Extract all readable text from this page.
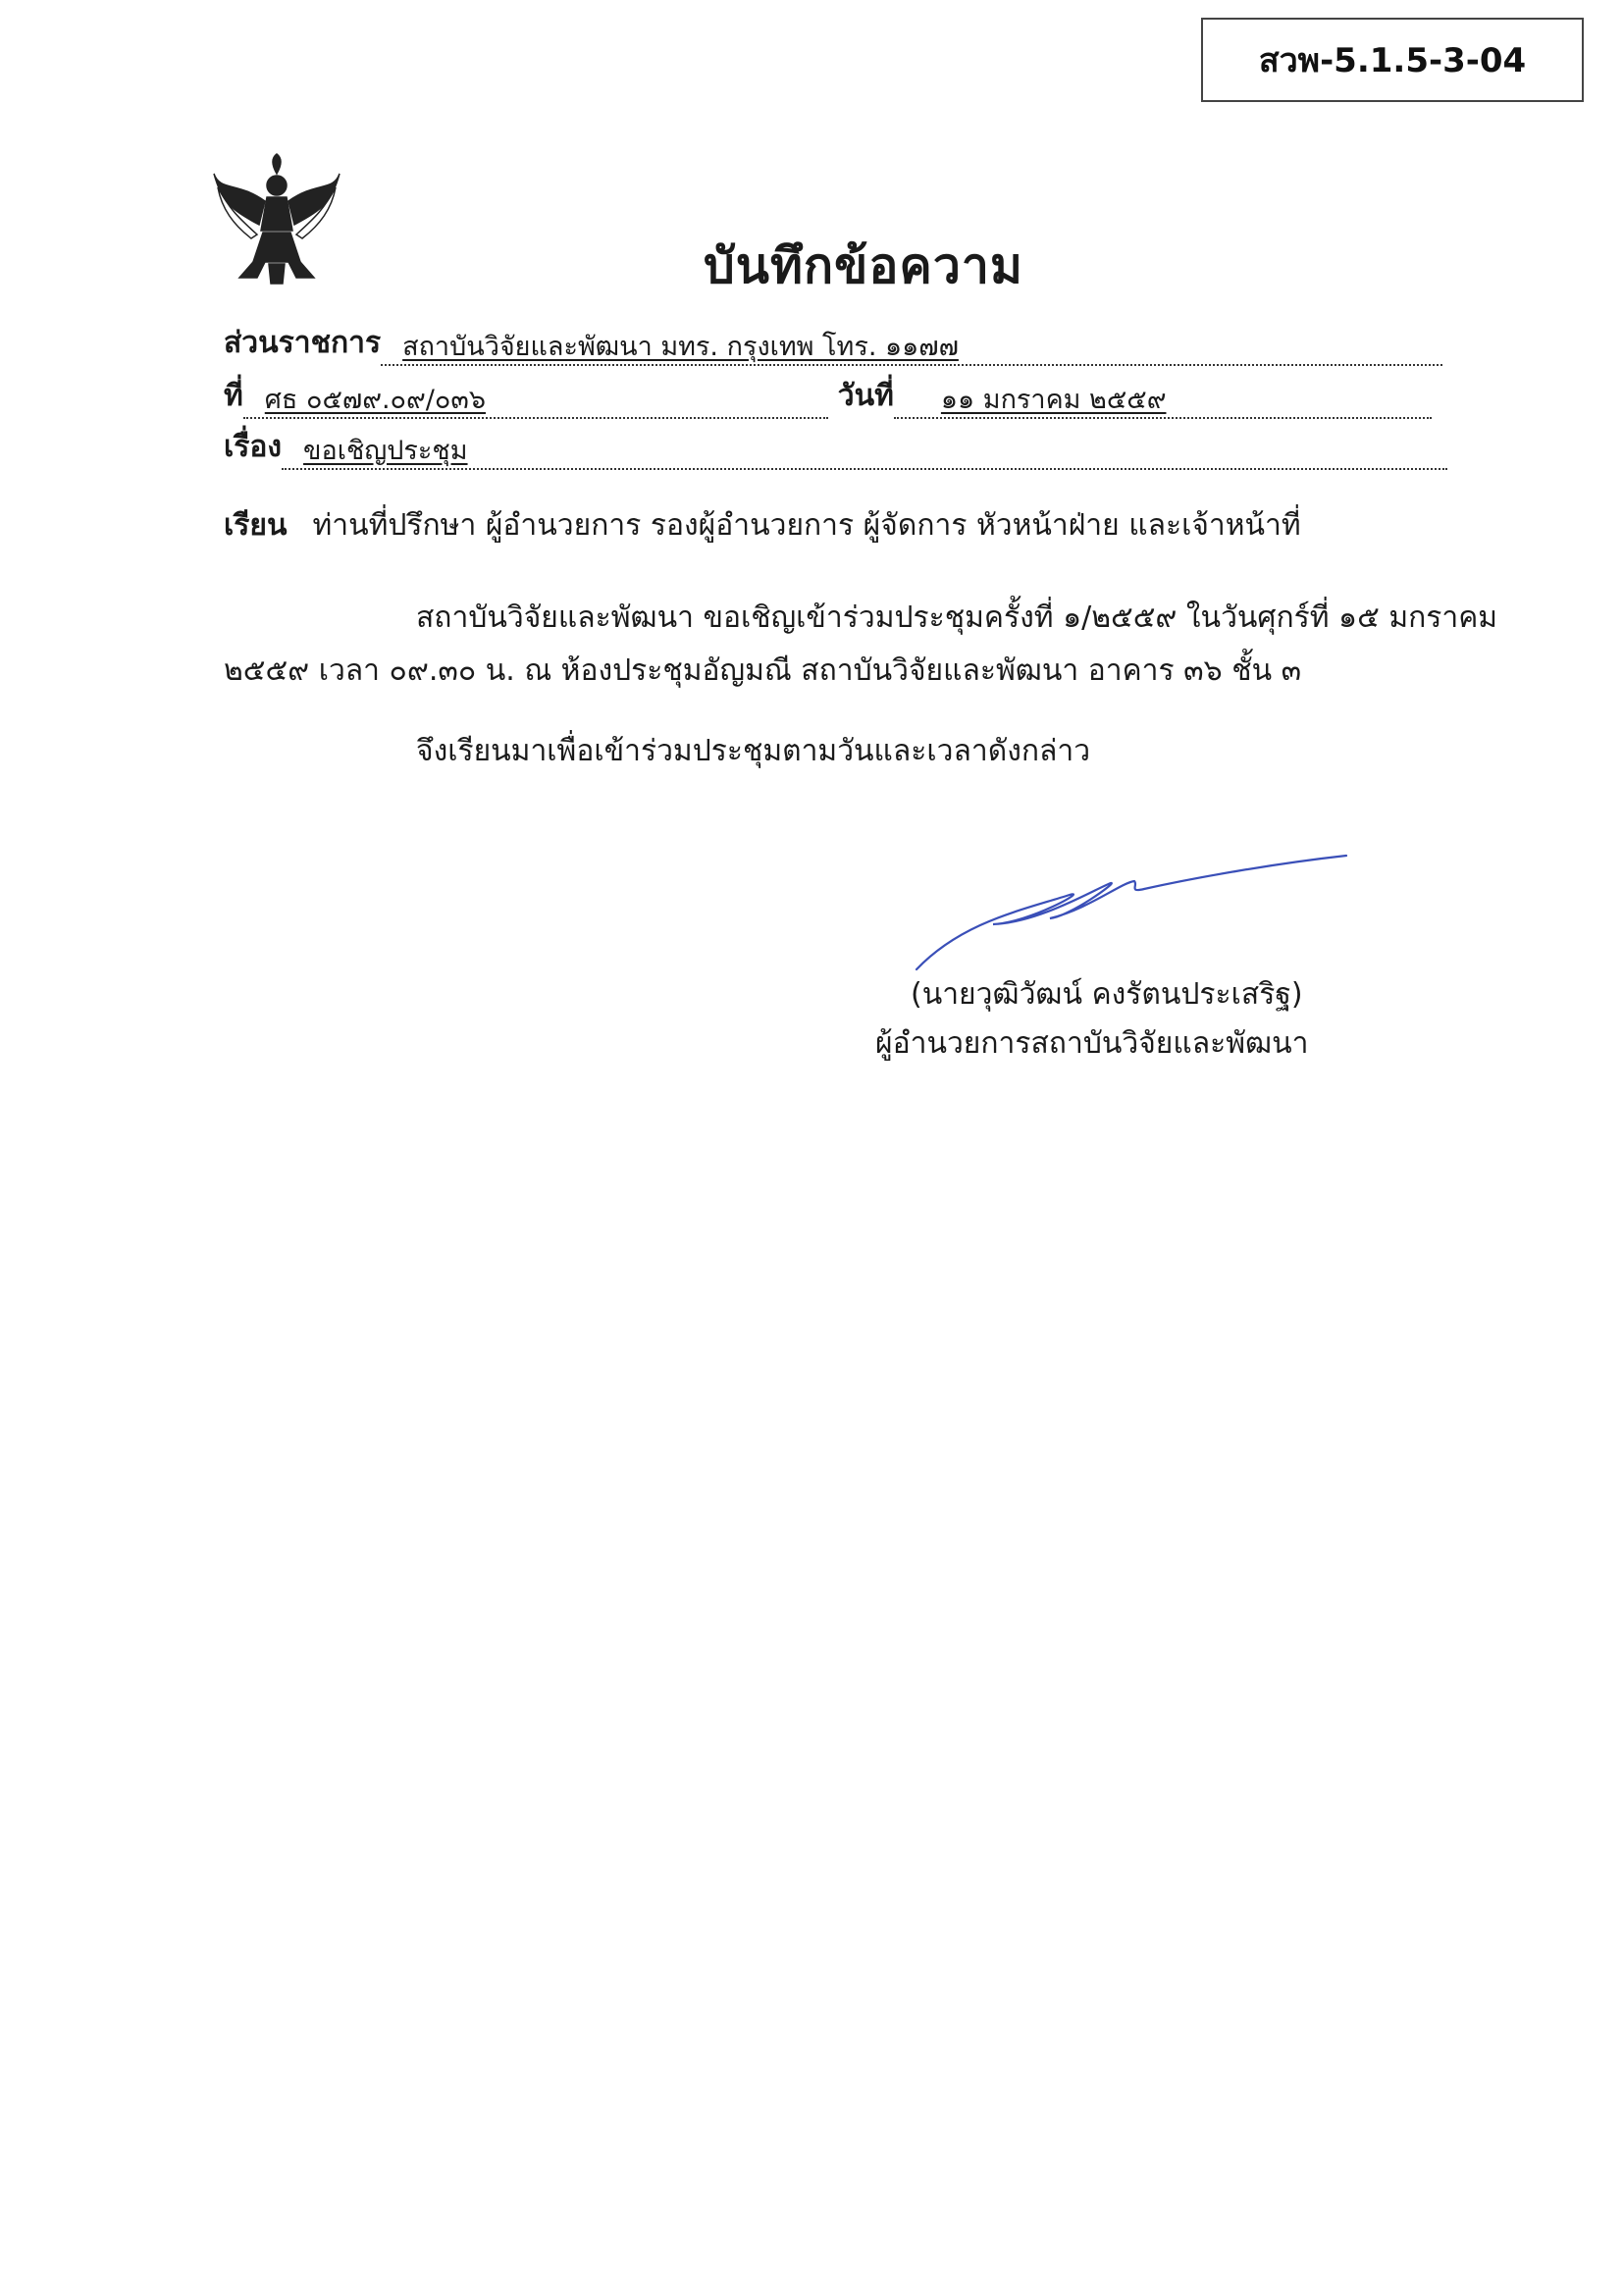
สวพ-5.1.5-3-04
บันทึกข้อความ
ส่วนราชการ สถาบันวิจัยและพัฒนา มทร. กรุงเทพ โทร. ๑๑๗๗
ที่ ศธ ๐๕๗๙.๐๙/๐๓๖	วันที่	๑๑ มกราคม ๒๕๕๙
เรื่อง ขอเชิญประชุม
เรียน ท่านที่ปรึกษา ผู้อำนวยการ รองผู้อำนวยการ ผู้จัดการ หัวหน้าฝ่าย และเจ้าหน้าที่
สถาบันวิจัยและพัฒนา ขอเชิญเข้าร่วมประชุมครั้งที่ ๑/๒๕๕๙ ในวันศุกร์ที่ ๑๕ มกราคม
๒๕๕๙ เวลา ๐๙.๓๐ น. ณ ห้องประชุมอัญมณี สถาบันวิจัยและพัฒนา อาคาร ๓๖ ชั้น ๓
จึงเรียนมาเพื่อเข้าร่วมประชุมตามวันและเวลาดังกล่าว
(นายวุฒิวัฒน์ คงรัตนประเสริฐ)
ผู้อำนวยการสถาบันวิจัยและพัฒนา
